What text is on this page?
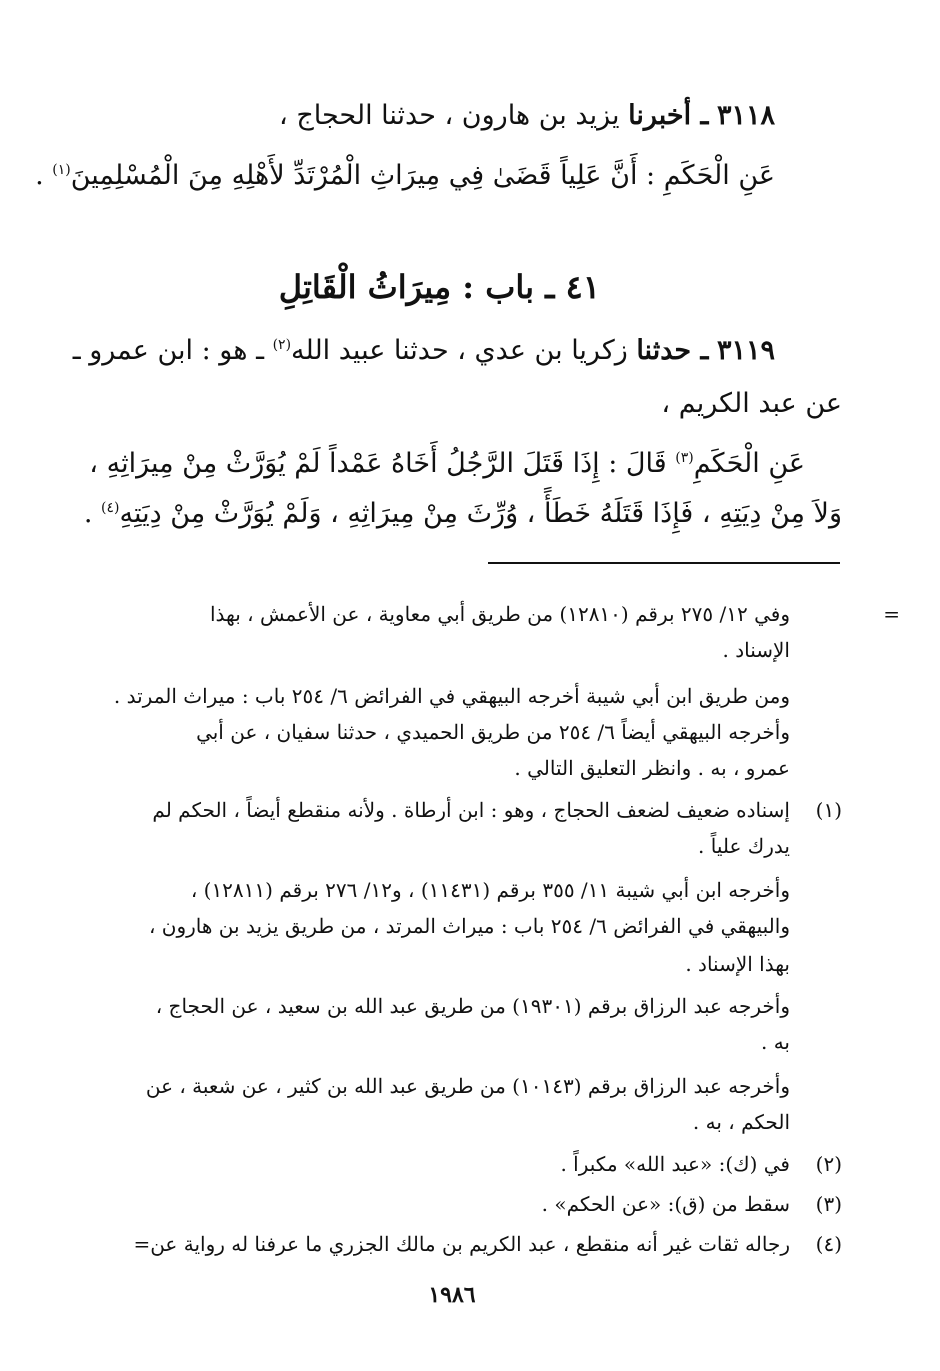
٣١١٨ ـ أخبرنا يزيد بن هارون ، حدثنا الحجاج ،
عَنِ الْحَكَمِ : أَنَّ عَلِياً قَضَىٰ فِي مِيرَاثِ الْمُرْتَدِّ لأَهْلِهِ مِنَ الْمُسْلِمِينَ$^{(١)}$ .
٤١ ـ باب : مِيرَاثُ الْقَاتِلِ
٣١١٩ ـ حدثنا زكريا بن عدي ، حدثنا عبيد الله$^{(٢)}$ ـ هو : ابن عمرو ـ
عن عبد الكريم ،
عَنِ الْحَكَمِ$^{(٣)}$ قَالَ : إِذَا قَتَلَ الرَّجُلُ أَخَاهُ عَمْداً لَمْ يُوَرَّثْ مِنْ مِيرَاثِهِ ،
وَلاَ مِنْ دِيَتِهِ ، فَإِذَا قَتَلَهُ خَطَأً ، وُرِّثَ مِنْ مِيرَاثِهِ ، وَلَمْ يُوَرَّثْ مِنْ دِيَتِهِ$^{(٤)}$ .
=
وفي ١٢/ ٢٧٥ برقم (١٢٨١٠) من طريق أبي معاوية ، عن الأعمش ، بهذا
الإسناد .
ومن طريق ابن أبي شيبة أخرجه البيهقي في الفرائض ٦/ ٢٥٤ باب : ميراث المرتد .
وأخرجه البيهقي أيضاً ٦/ ٢٥٤ من طريق الحميدي ، حدثنا سفيان ، عن أبي
عمرو ، به . وانظر التعليق التالي .
(١)
إسناده ضعيف لضعف الحجاج ، وهو : ابن أرطاة . ولأنه منقطع أيضاً ، الحكم لم
يدرك علياً .
وأخرجه ابن أبي شيبة ١١/ ٣٥٥ برقم (١١٤٣١) ، و١٢/ ٢٧٦ برقم (١٢٨١١) ،
والبيهقي في الفرائض ٦/ ٢٥٤ باب : ميراث المرتد ، من طريق يزيد بن هارون ،
بهذا الإسناد .
وأخرجه عبد الرزاق برقم (١٩٣٠١) من طريق عبد الله بن سعيد ، عن الحجاج ،
به .
وأخرجه عبد الرزاق برقم (١٠١٤٣) من طريق عبد الله بن كثير ، عن شعبة ، عن
الحكم ، به .
(٢)
في (ك): «عبد الله» مكبراً .
(٣)
سقط من (ق): «عن الحكم» .
(٤)
رجاله ثقات غير أنه منقطع ، عبد الكريم بن مالك الجزري ما عرفنا له رواية عن=
١٩٨٦
